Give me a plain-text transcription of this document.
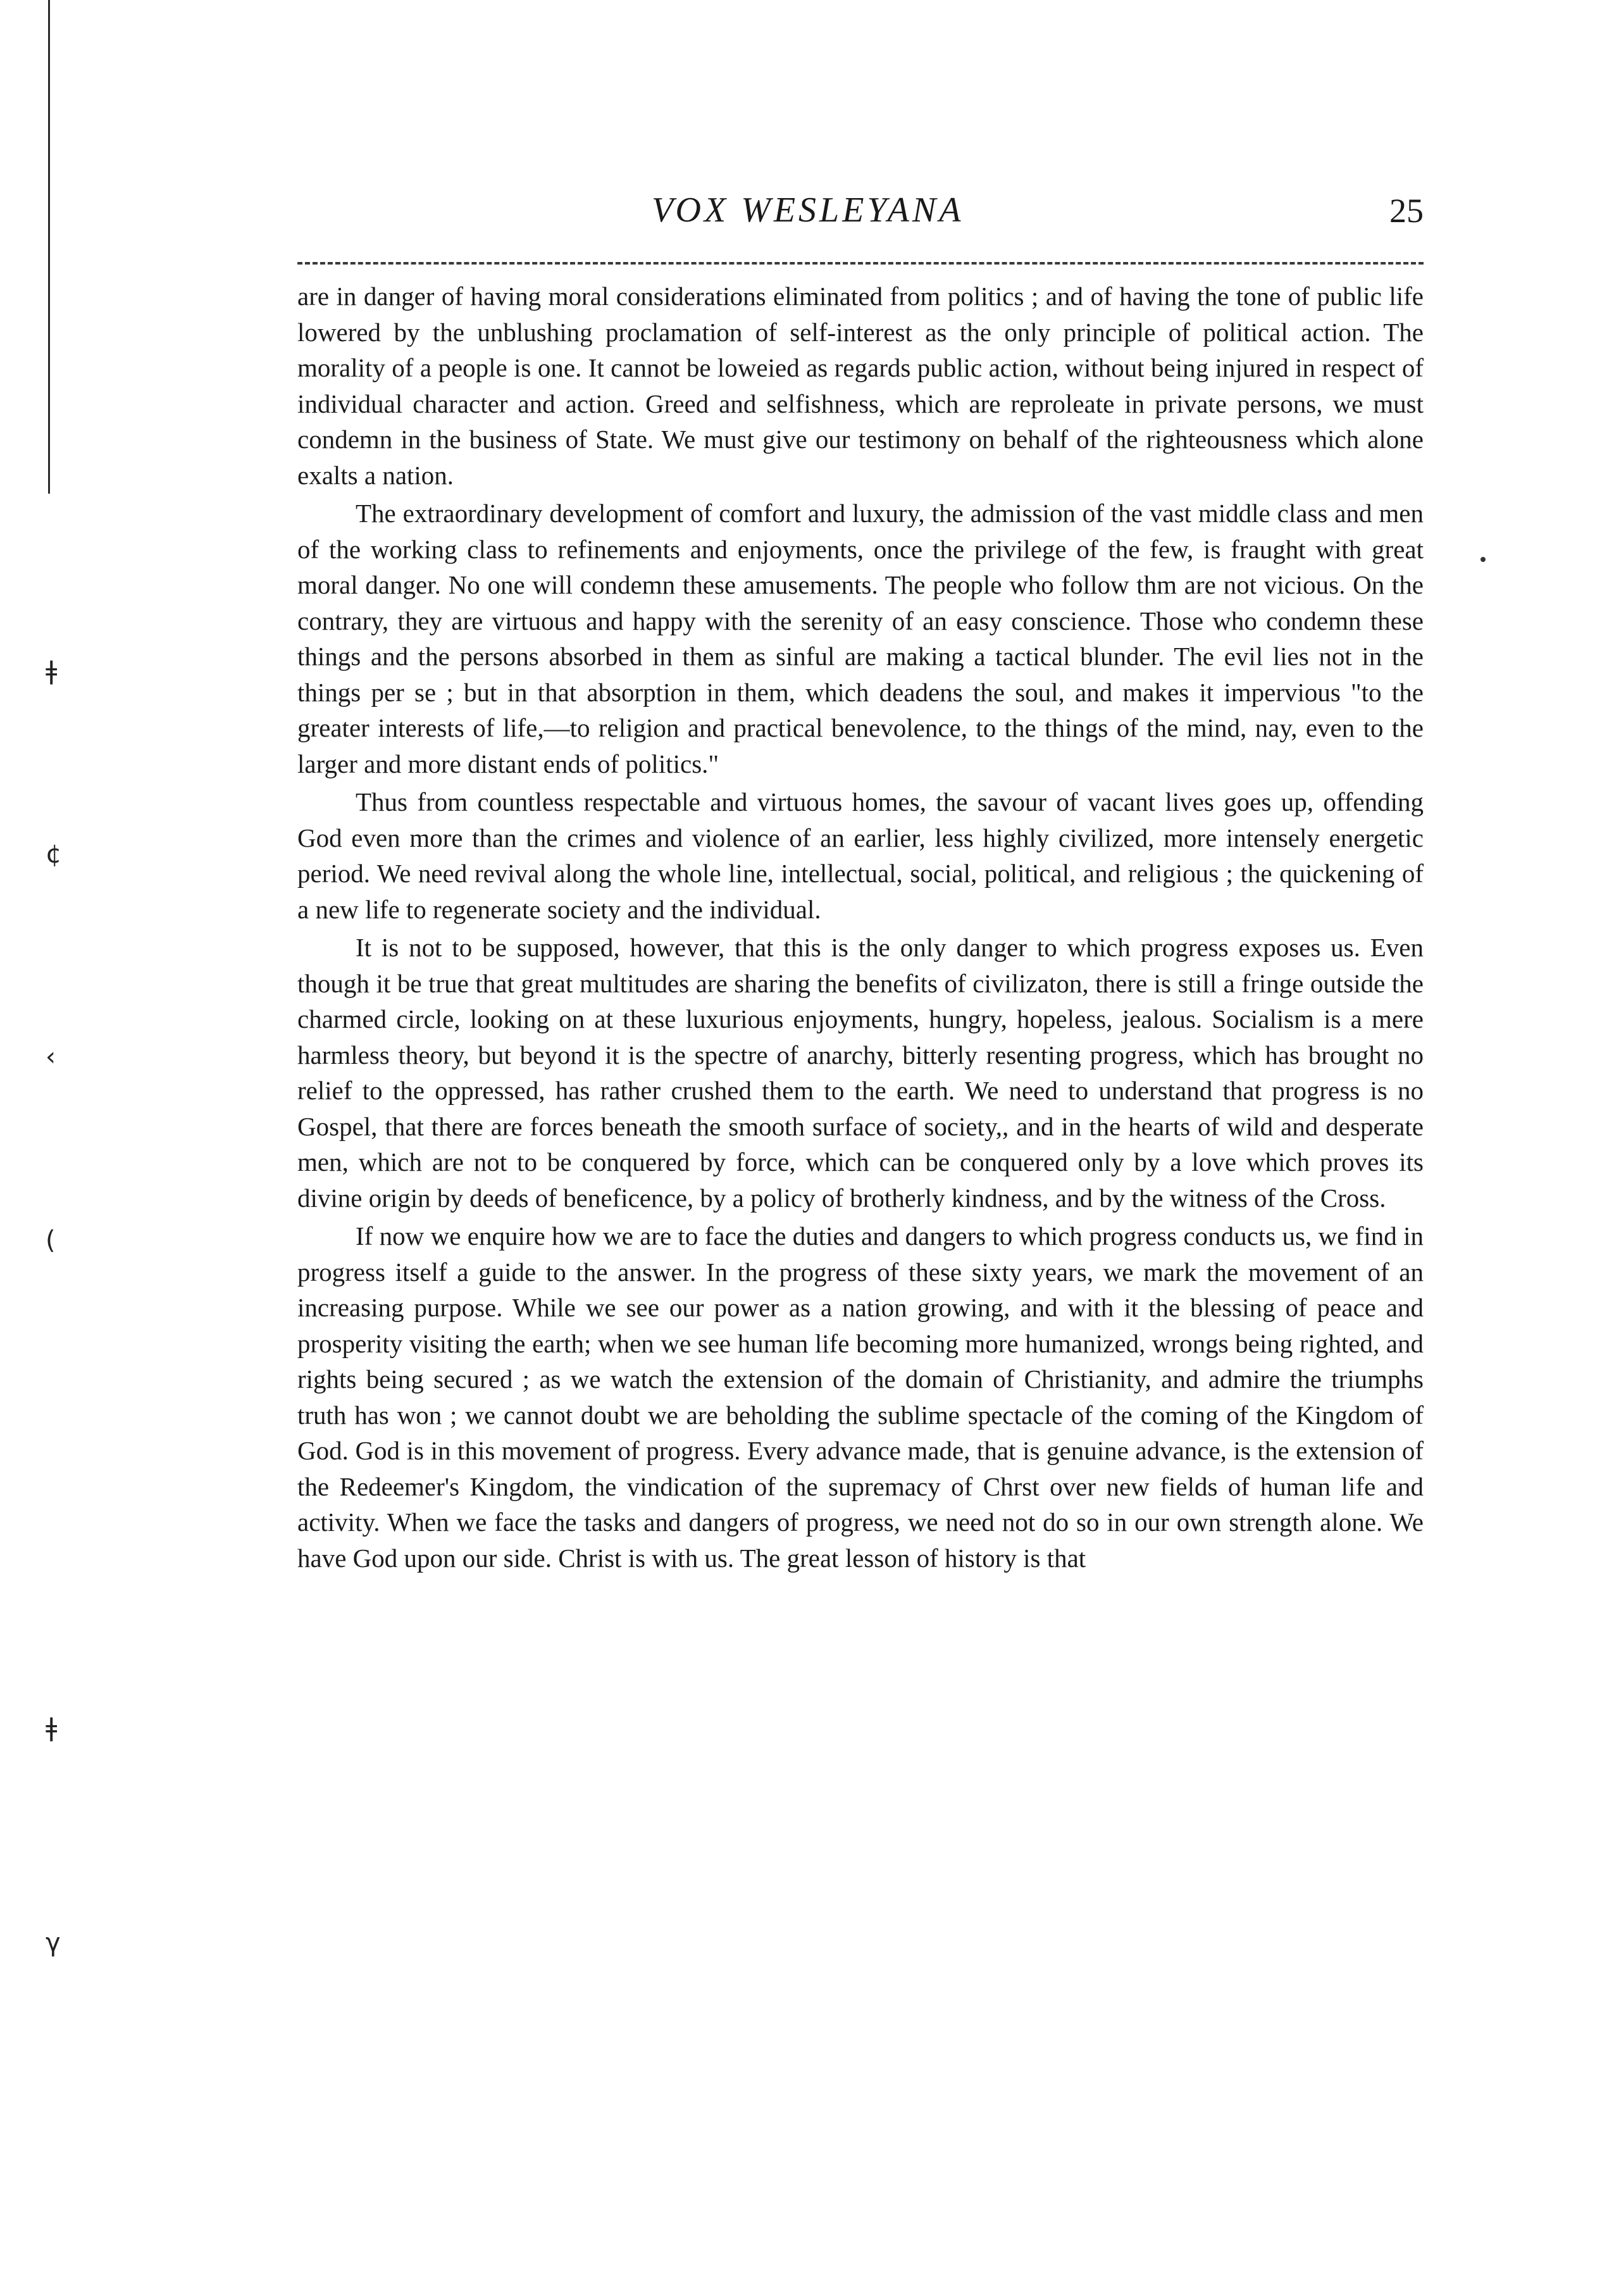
ǂ
¢
‹
(
ǂ
γ
VOX WESLEYANA	25

are in danger of having moral considerations eliminated from politics ; and of having the tone of public life lowered by the unblushing proclamation of self-interest as the only principle of political action. The morality of a people is one. It cannot be loweied as regards public action, without being injured in respect of individual character and action. Greed and selfishness, which are reproleate in private persons, we must condemn in the business of State. We must give our testimony on behalf of the righteousness which alone exalts a nation.

The extraordinary development of comfort and luxury, the admission of the vast middle class and men of the working class to refinements and enjoyments, once the privilege of the few, is fraught with great moral danger. No one will condemn these amusements. The people who follow thm are not vicious. On the contrary, they are virtuous and happy with the serenity of an easy conscience. Those who condemn these things and the persons absorbed in them as sinful are making a tactical blunder. The evil lies not in the things per se ; but in that absorption in them, which deadens the soul, and makes it impervious "to the greater interests of life,—to religion and practical benevolence, to the things of the mind, nay, even to the larger and more distant ends of politics."

Thus from countless respectable and virtuous homes, the savour of vacant lives goes up, offending God even more than the crimes and violence of an earlier, less highly civilized, more intensely energetic period. We need revival along the whole line, intellectual, social, political, and religious ; the quickening of a new life to regenerate society and the individual.

It is not to be supposed, however, that this is the only danger to which progress exposes us. Even though it be true that great multitudes are sharing the benefits of civilizaton, there is still a fringe outside the charmed circle, looking on at these luxurious enjoyments, hungry, hopeless, jealous. Socialism is a mere harmless theory, but beyond it is the spectre of anarchy, bitterly resenting progress, which has brought no relief to the oppressed, has rather crushed them to the earth. We need to understand that progress is no Gospel, that there are forces beneath the smooth surface of society,, and in the hearts of wild and desperate men, which are not to be conquered by force, which can be conquered only by a love which proves its divine origin by deeds of beneficence, by a policy of brotherly kindness, and by the witness of the Cross.

If now we enquire how we are to face the duties and dangers to which progress conducts us, we find in progress itself a guide to the answer. In the progress of these sixty years, we mark the movement of an increasing purpose. While we see our power as a nation growing, and with it the blessing of peace and prosperity visiting the earth; when we see human life becoming more humanized, wrongs being righted, and rights being secured ; as we watch the extension of the domain of Christianity, and admire the triumphs truth has won ; we cannot doubt we are beholding the sublime spectacle of the coming of the Kingdom of God. God is in this movement of progress. Every advance made, that is genuine advance, is the extension of the Redeemer's Kingdom, the vindication of the supremacy of Chrst over new fields of human life and activity. When we face the tasks and dangers of progress, we need not do so in our own strength alone. We have God upon our side. Christ is with us. The great lesson of history is that
